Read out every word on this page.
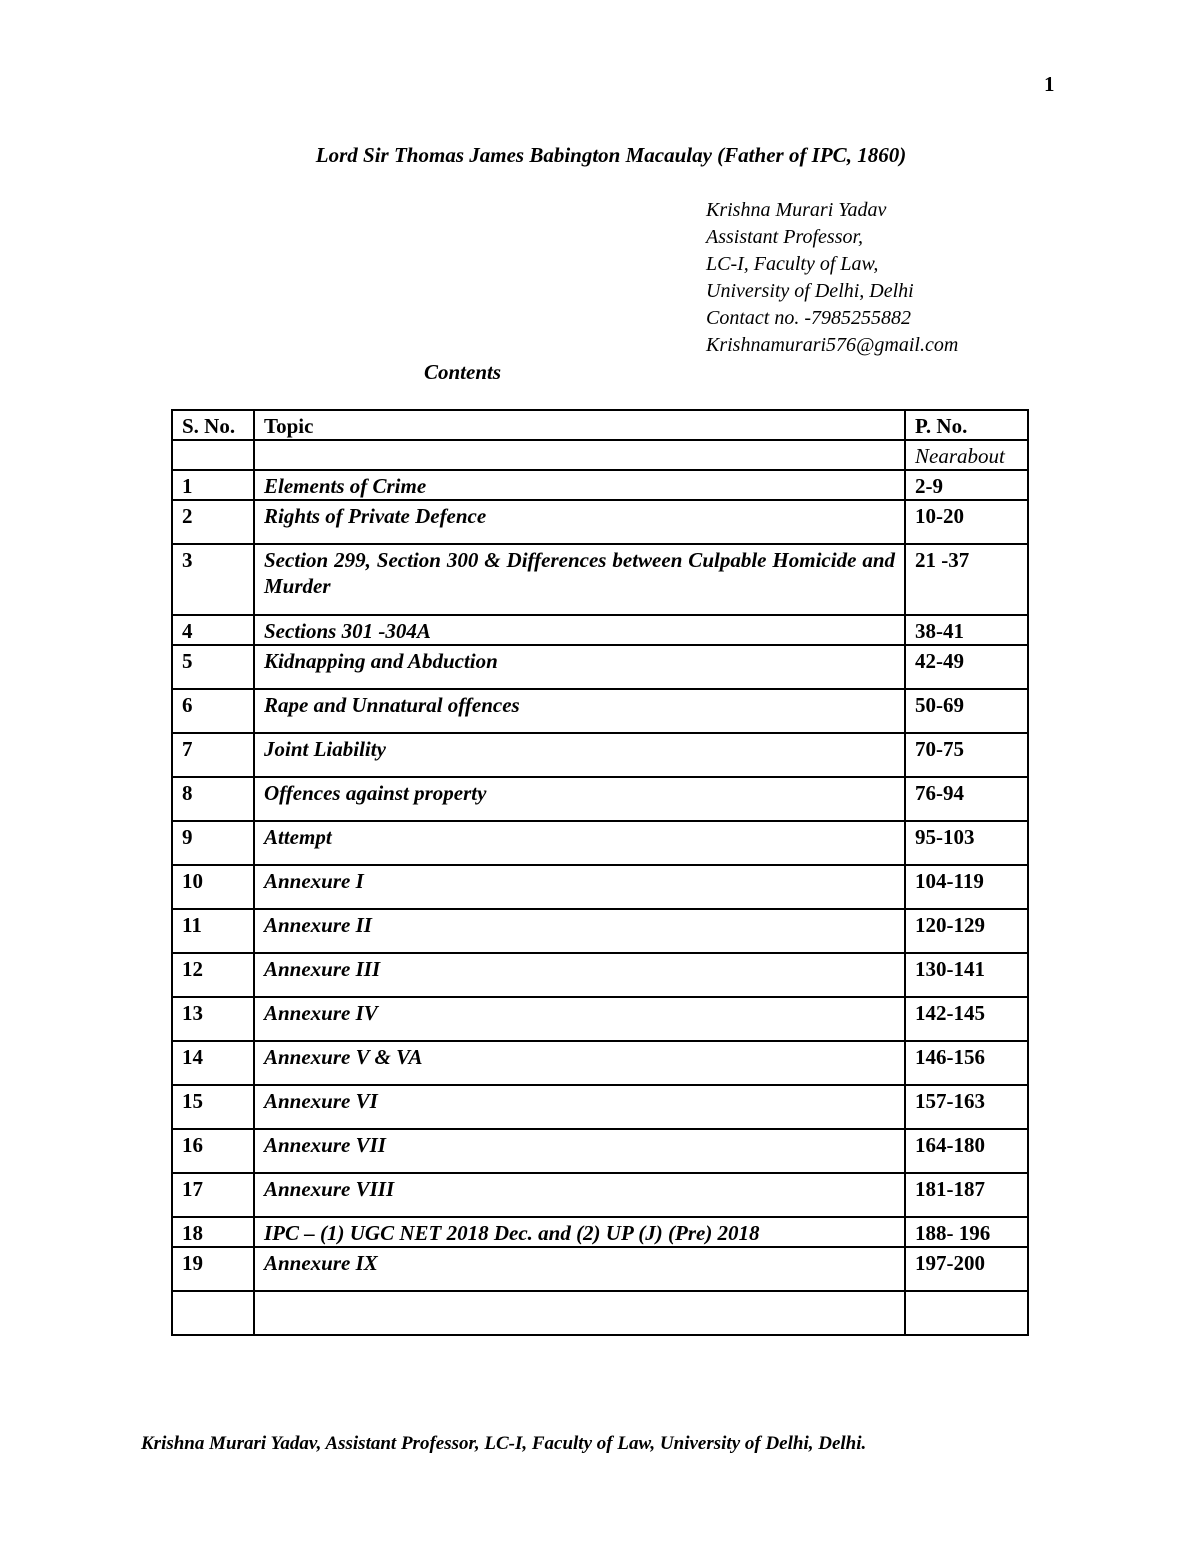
1
Lord Sir Thomas James Babington Macaulay (Father of IPC, 1860)
Krishna Murari Yadav
Assistant Professor,
LC-I, Faculty of Law,
University of Delhi, Delhi
Contact no. -7985255882
Krishnamurari576@gmail.com
Contents
S. No.	Topic	P. No.
		Nearabout
1	Elements of Crime	2-9
2	Rights of Private Defence	10-20
3	Section 299, Section 300 & Differences between Culpable Homicide and Murder	21 -37
4	Sections 301 -304A	38-41
5	Kidnapping and Abduction	42-49
6	Rape and Unnatural offences	50-69
7	Joint Liability	70-75
8	Offences against property	76-94
9	Attempt	95-103
10	Annexure I	104-119
11	Annexure II	120-129
12	Annexure III	130-141
13	Annexure IV	142-145
14	Annexure V & VA	146-156
15	Annexure VI	157-163
16	Annexure VII	164-180
17	Annexure VIII	181-187
18	IPC – (1) UGC NET 2018 Dec. and (2) UP (J) (Pre) 2018	188- 196
19	Annexure IX	197-200

Krishna Murari Yadav, Assistant Professor, LC-I, Faculty of Law, University of Delhi, Delhi.
